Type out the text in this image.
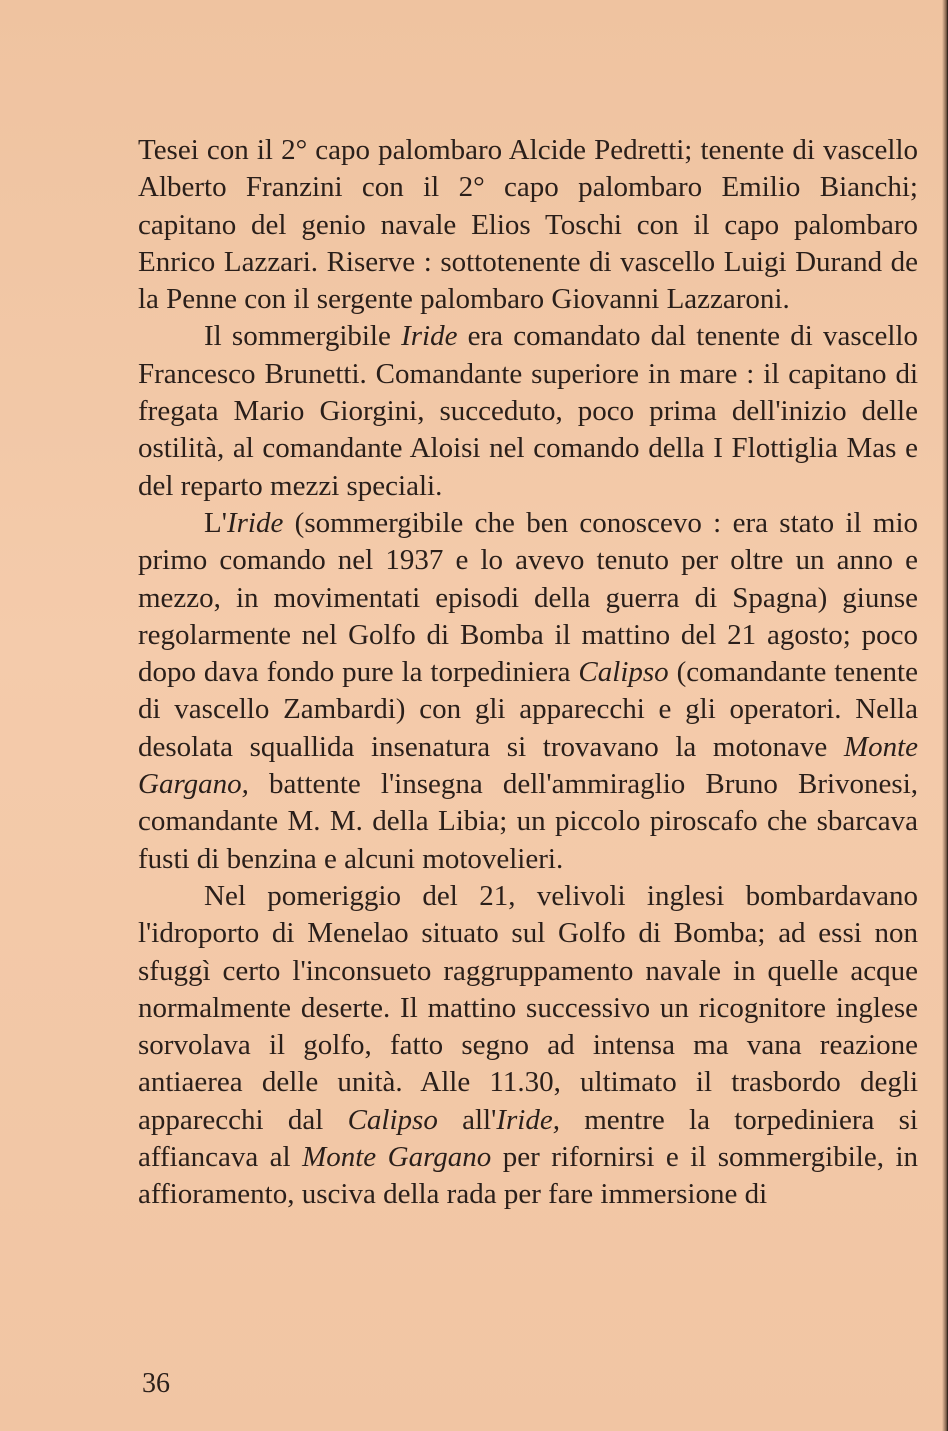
Tesei con il 2° capo palombaro Alcide Pedretti; tenente di vascello Alberto Franzini con il 2° capo palombaro Emilio Bianchi; capitano del genio navale Elios Toschi con il capo palombaro Enrico Lazzari. Riserve : sottotenente di vascello Luigi Durand de la Penne con il sergente palombaro Giovanni Lazzaroni.

Il sommergibile Iride era comandato dal tenente di vascello Francesco Brunetti. Comandante superiore in mare : il capitano di fregata Mario Giorgini, succeduto, poco prima dell'inizio delle ostilità, al comandante Aloisi nel comando della I Flottiglia Mas e del reparto mezzi speciali.

L'Iride (sommergibile che ben conoscevo : era stato il mio primo comando nel 1937 e lo avevo tenuto per oltre un anno e mezzo, in movimentati episodi della guerra di Spagna) giunse regolarmente nel Golfo di Bomba il mattino del 21 agosto; poco dopo dava fondo pure la torpediniera Calipso (comandante tenente di vascello Zambardi) con gli apparecchi e gli operatori. Nella desolata squallida insenatura si trovavano la motonave Monte Gargano, battente l'insegna dell'ammiraglio Bruno Brivonesi, comandante M. M. della Libia; un piccolo piroscafo che sbarcava fusti di benzina e alcuni motovelieri.

Nel pomeriggio del 21, velivoli inglesi bombardavano l'idroporto di Menelao situato sul Golfo di Bomba; ad essi non sfuggì certo l'inconsueto raggruppamento navale in quelle acque normalmente deserte. Il mattino successivo un ricognitore inglese sorvolava il golfo, fatto segno ad intensa ma vana reazione antiaerea delle unità. Alle 11.30, ultimato il trasbordo degli apparecchi dal Calipso all'Iride, mentre la torpediniera si affiancava al Monte Gargano per rifornirsi e il sommergibile, in affioramento, usciva della rada per fare immersione di

36
